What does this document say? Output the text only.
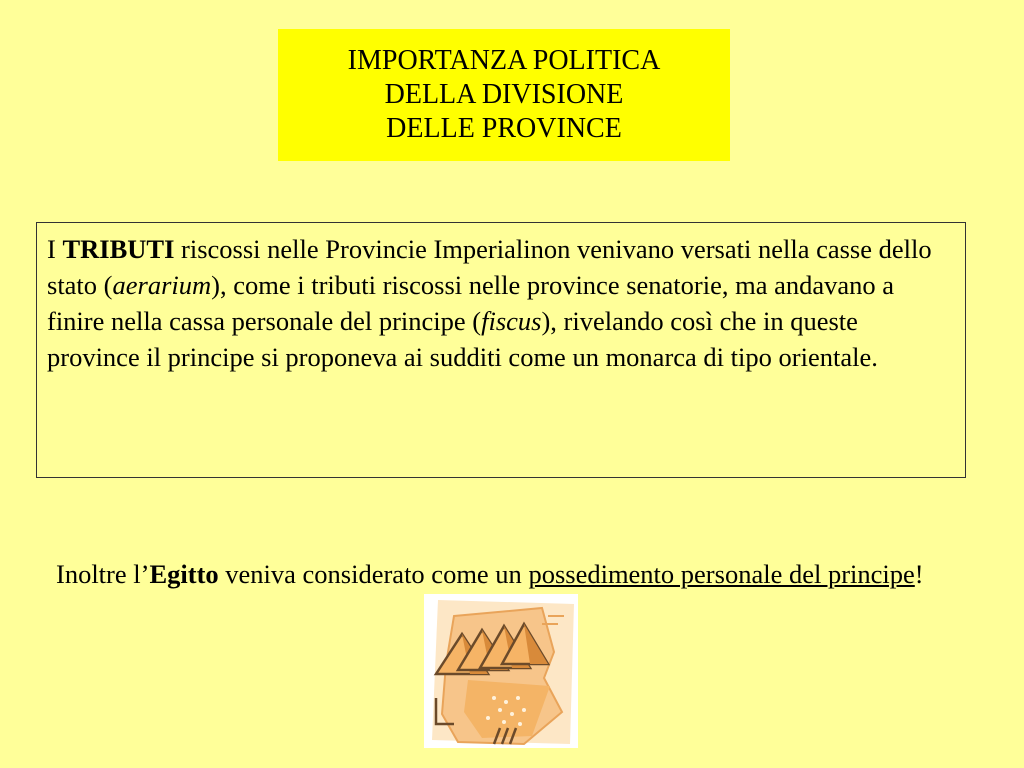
IMPORTANZA POLITICA
DELLA DIVISIONE
DELLE PROVINCE
I TRIBUTI riscossi nelle Provincie Imperialinon venivano versati nella casse dello stato (aerarium), come i tributi riscossi nelle province senatorie, ma andavano a finire nella cassa personale del principe (fiscus), rivelando così che in queste province il principe si proponeva ai sudditi come un monarca di tipo orientale.
Inoltre l’Egitto veniva considerato come un possedimento personale del principe!
